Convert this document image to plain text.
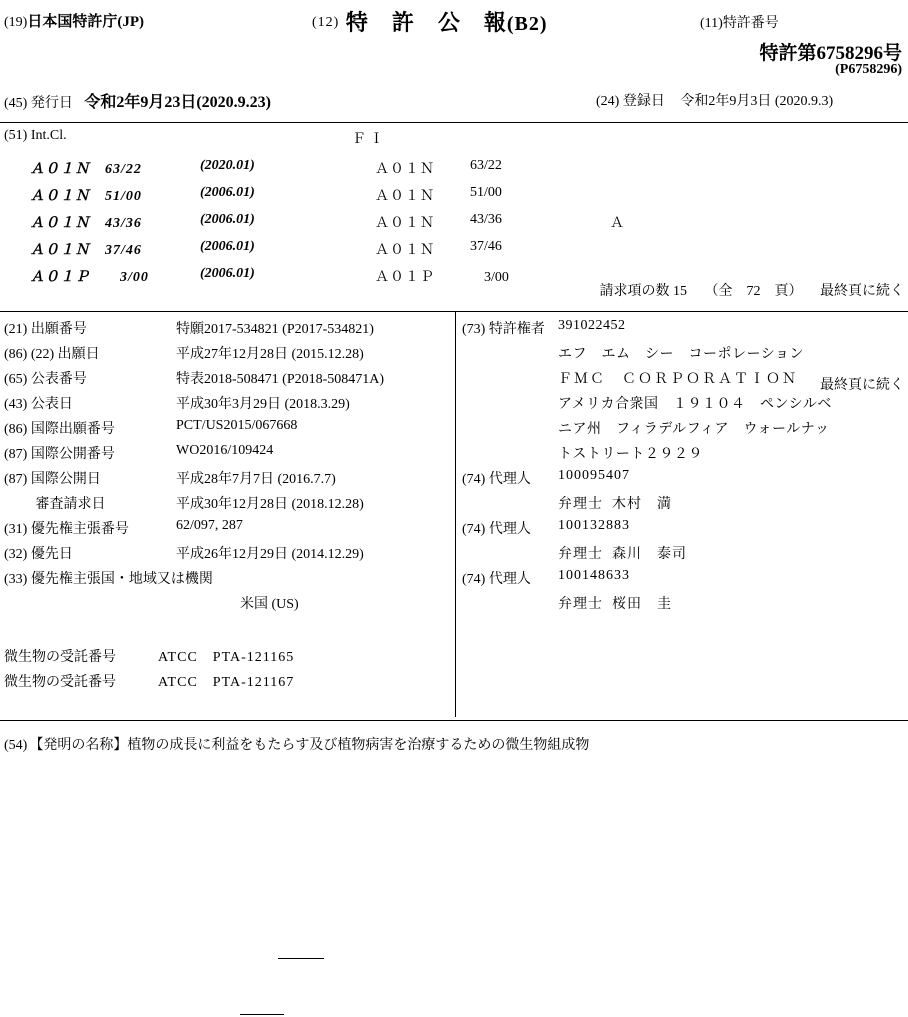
(19)日本国特許庁(JP)	(12) 特　許　公　報(B2)	(11)特許番号
特許第6758296号
(P6758296)
(45) 発行日 令和2年9月23日(2020.9.23)	(24) 登録日 令和2年9月3日 (2020.9.3)
(51) Int.Cl.	Ｆ Ｉ
Ａ０１Ｎ　63/22	(2020.01)	Ａ０１Ｎ	63/22
Ａ０１Ｎ　51/00	(2006.01)	Ａ０１Ｎ	51/00
Ａ０１Ｎ　43/36	(2006.01)	Ａ０１Ｎ	43/36	Ａ
Ａ０１Ｎ　37/46	(2006.01)	Ａ０１Ｎ	37/46
Ａ０１Ｐ　　3/00	(2006.01)	Ａ０１Ｐ	　3/00
請求項の数 15 （全　72　頁） 最終頁に続く
(21) 出願番号	特願2017-534821 (P2017-534821)
(86) (22) 出願日	平成27年12月28日 (2015.12.28)
(65) 公表番号	特表2018-508471 (P2018-508471A)
(43) 公表日	平成30年3月29日 (2018.3.29)
(86) 国際出願番号	PCT/US2015/067668
(87) 国際公開番号	WO2016/109424
(87) 国際公開日	平成28年7月7日 (2016.7.7)
　　 審査請求日	平成30年12月28日 (2018.12.28)
(31) 優先権主張番号	62/097, 287
(32) 優先日	平成26年12月29日 (2014.12.29)
(33) 優先権主張国・地域又は機関
米国 (US)
微生物の受託番号	ATCC　PTA-121165
微生物の受託番号	ATCC　PTA-121167
(73) 特許権者 391022452
エフ　エム　シー　コーポレーション
ＦＭＣ　ＣＯＲＰＯＲＡＴＩＯＮ
アメリカ合衆国　１９１０４　ペンシルベ
ニア州　フィラデルフィア　ウォールナッ
トストリート２９２９
(74) 代理人 100095407
弁理士 木村　満
(74) 代理人 100132883
弁理士 森川　泰司
(74) 代理人 100148633
弁理士 桜田　圭
最終頁に続く
(54) 【発明の名称】植物の成長に利益をもたらす及び植物病害を治療するための微生物組成物
